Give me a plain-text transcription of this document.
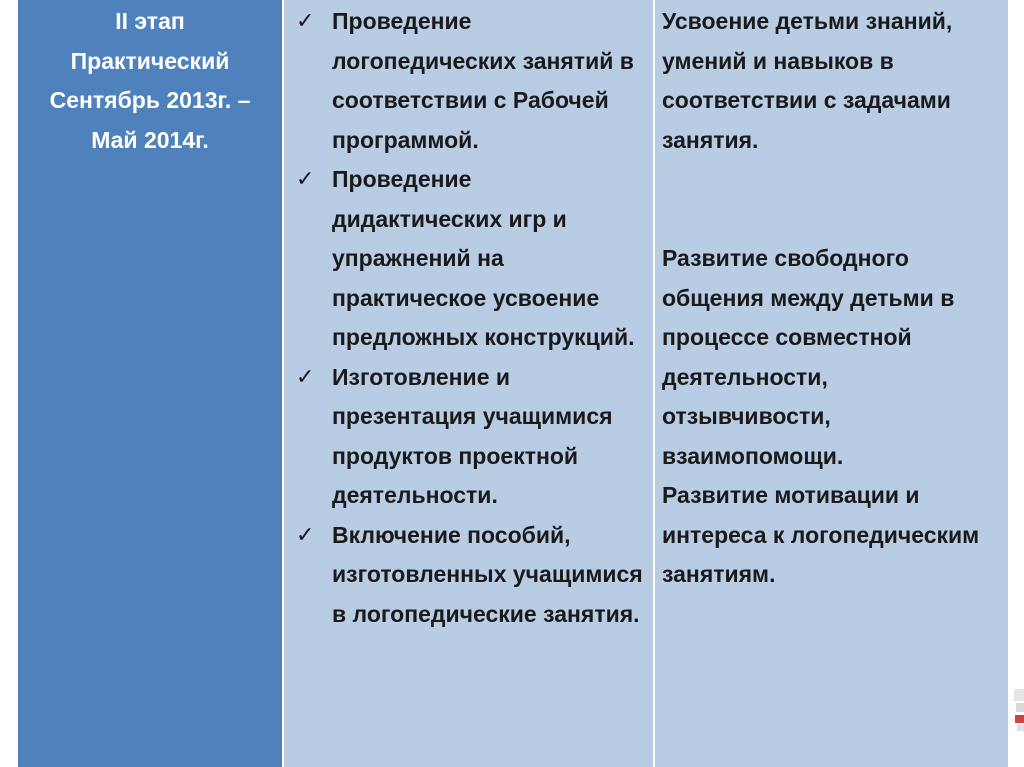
II этап
Практический
Сентябрь 2013г. –
Май 2014г.
✓ Проведение логопедических занятий в соответствии с Рабочей программой.
✓ Проведение дидактических игр и упражнений на практическое усвоение предложных конструкций.
✓ Изготовление и презентация учащимися продуктов проектной деятельности.
✓ Включение пособий, изготовленных учащимися в логопедические занятия.

Усвоение детьми знаний, умений и навыков в соответствии с задачами занятия.

Развитие свободного общения между детьми в процессе совместной деятельности, отзывчивости, взаимопомощи.

Развитие мотивации и интереса к логопедическим занятиям.
